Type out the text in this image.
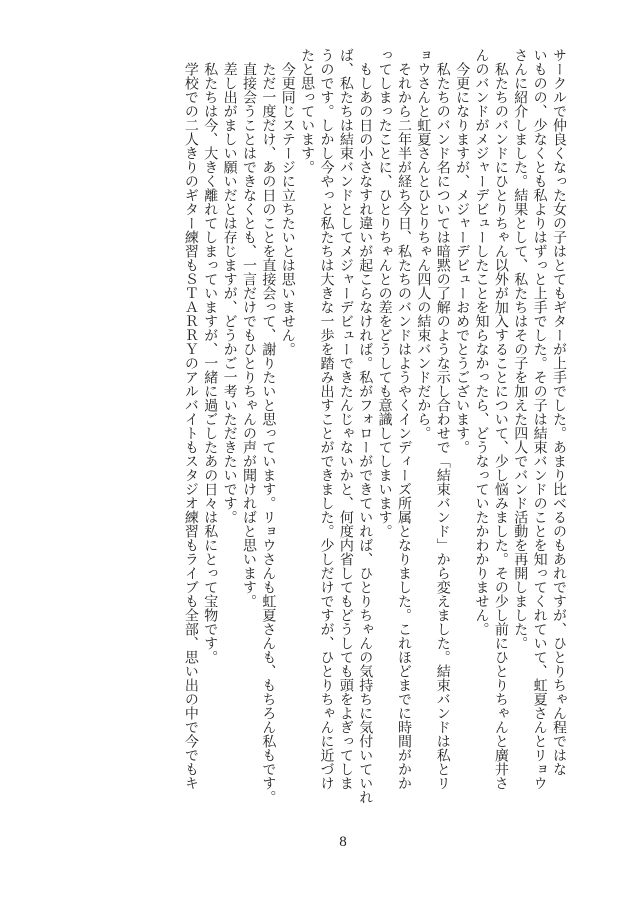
サークルで仲良くなった女の子はとてもギターが上手でした。あまり比べるのもあれですが、ひとりちゃん程ではな
いものの、少なくとも私よりはずっと上手でした。その子は結束バンドのことを知ってくれていて、虹夏さんとリョウ
さんに紹介しました。結果として、私たちはその子を加えた四人でバンド活動を再開しました。
私たちのバンドにひとりちゃん以外が加入することについて、少し悩みました。その少し前にひとりちゃんと廣井さ
んのバンドがメジャーデビューしたことを知らなかったら、どうなっていたかわかりません。
今更になりますが、メジャーデビューおめでとうございます。
私たちのバンド名については暗黙の了解のような示し合わせで「結束バンド」から変えました。結束バンドは私とリ
ョウさんと虹夏さんとひとりちゃん四人の結束バンドだから。
それから二年半が経ち今日、私たちのバンドはようやくインディーズ所属となりました。これほどまでに時間がかか
ってしまったことに、ひとりちゃんとの差をどうしても意識してしまいます。
もしあの日の小さなすれ違いが起こらなければ。私がフォローができていれば、ひとりちゃんの気持ちに気付いていれ
ば、私たちは結束バンドとしてメジャーデビューできたんじゃないかと、何度内省してもどうしても頭をよぎってしま
うのです。しかし今やっと私たちは大きな一歩を踏み出すことができました。少しだけですが、ひとりちゃんに近づけ
たと思っています。
今更同じステージに立ちたいとは思いません。
ただ一度だけ、あの日のことを直接会って、謝りたいと思っています。リョウさんも虹夏さんも、もちろん私もです。
直接会うことはできなくとも、一言だけでもひとりちゃんの声が聞ければと思います。
差し出がましい願いだとは存じますが、どうかご一考いただきたいです。
私たちは今、大きく離れてしまっていますが、一緒に過ごしたあの日々は私にとって宝物です。
学校での二人きりのギター練習もＳＴＡＲＲＹのアルバイトもスタジオ練習もライブも全部、思い出の中で今でもキ
8
